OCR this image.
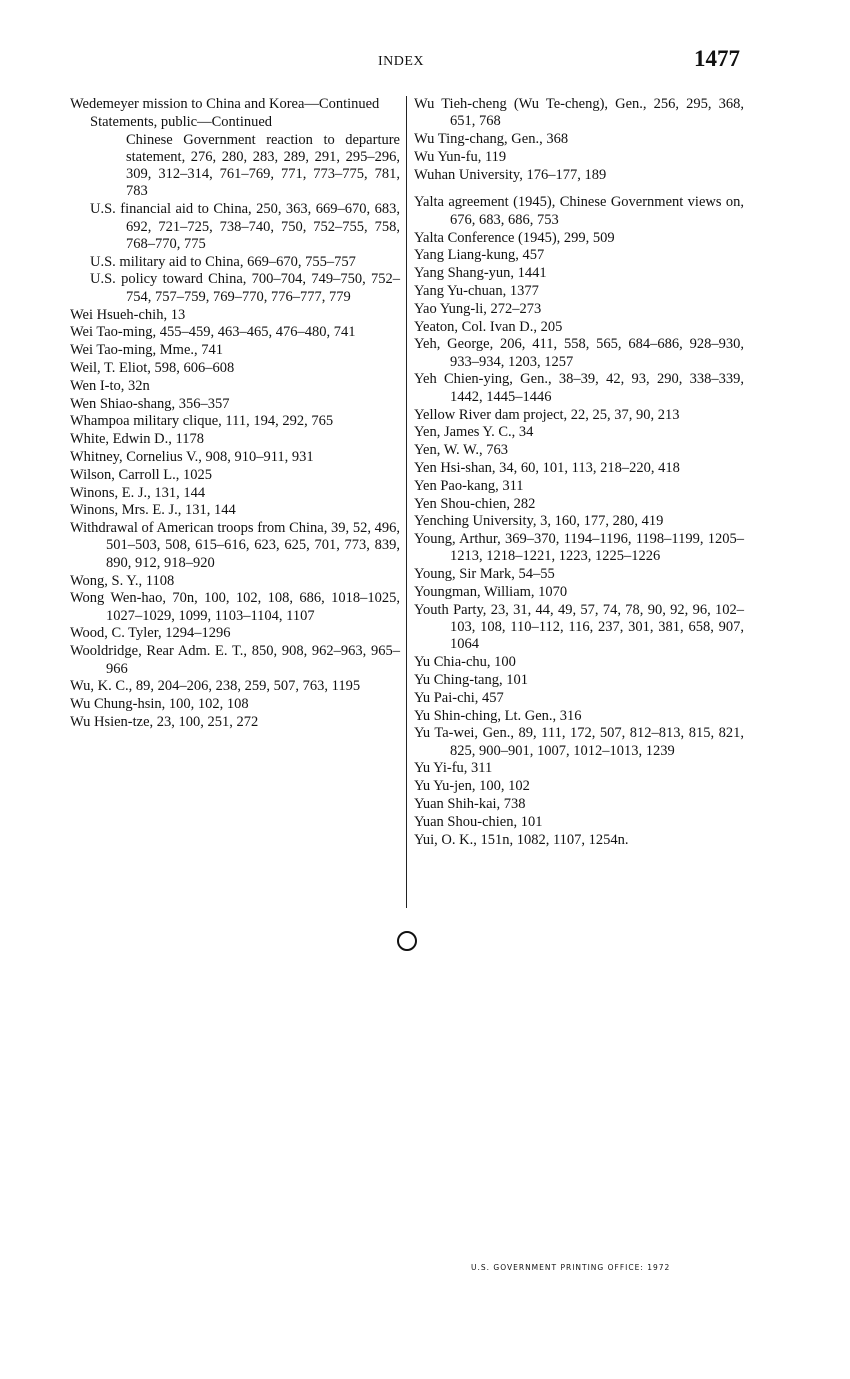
INDEX	1477
Wedemeyer mission to China and Korea—Continued
Statements, public—Continued
Chinese Government reaction to departure statement, 276, 280, 283, 289, 291, 295–296, 309, 312–314, 761–769, 771, 773–775, 781, 783
U.S. financial aid to China, 250, 363, 669–670, 683, 692, 721–725, 738–740, 750, 752–755, 758, 768–770, 775
U.S. military aid to China, 669–670, 755–757
U.S. policy toward China, 700–704, 749–750, 752–754, 757–759, 769–770, 776–777, 779
Wei Hsueh-chih, 13
Wei Tao-ming, 455–459, 463–465, 476–480, 741
Wei Tao-ming, Mme., 741
Weil, T. Eliot, 598, 606–608
Wen I-to, 32n
Wen Shiao-shang, 356–357
Whampoa military clique, 111, 194, 292, 765
White, Edwin D., 1178
Whitney, Cornelius V., 908, 910–911, 931
Wilson, Carroll L., 1025
Winons, E. J., 131, 144
Winons, Mrs. E. J., 131, 144
Withdrawal of American troops from China, 39, 52, 496, 501–503, 508, 615–616, 623, 625, 701, 773, 839, 890, 912, 918–920
Wong, S. Y., 1108
Wong Wen-hao, 70n, 100, 102, 108, 686, 1018–1025, 1027–1029, 1099, 1103–1104, 1107
Wood, C. Tyler, 1294–1296
Wooldridge, Rear Adm. E. T., 850, 908, 962–963, 965–966
Wu, K. C., 89, 204–206, 238, 259, 507, 763, 1195
Wu Chung-hsin, 100, 102, 108
Wu Hsien-tze, 23, 100, 251, 272
Wu Tieh-cheng (Wu Te-cheng), Gen., 256, 295, 368, 651, 768
Wu Ting-chang, Gen., 368
Wu Yun-fu, 119
Wuhan University, 176–177, 189
Yalta agreement (1945), Chinese Government views on, 676, 683, 686, 753
Yalta Conference (1945), 299, 509
Yang Liang-kung, 457
Yang Shang-yun, 1441
Yang Yu-chuan, 1377
Yao Yung-li, 272–273
Yeaton, Col. Ivan D., 205
Yeh, George, 206, 411, 558, 565, 684–686, 928–930, 933–934, 1203, 1257
Yeh Chien-ying, Gen., 38–39, 42, 93, 290, 338–339, 1442, 1445–1446
Yellow River dam project, 22, 25, 37, 90, 213
Yen, James Y. C., 34
Yen, W. W., 763
Yen Hsi-shan, 34, 60, 101, 113, 218–220, 418
Yen Pao-kang, 311
Yen Shou-chien, 282
Yenching University, 3, 160, 177, 280, 419
Young, Arthur, 369–370, 1194–1196, 1198–1199, 1205–1213, 1218–1221, 1223, 1225–1226
Young, Sir Mark, 54–55
Youngman, William, 1070
Youth Party, 23, 31, 44, 49, 57, 74, 78, 90, 92, 96, 102–103, 108, 110–112, 116, 237, 301, 381, 658, 907, 1064
Yu Chia-chu, 100
Yu Ching-tang, 101
Yu Pai-chi, 457
Yu Shin-ching, Lt. Gen., 316
Yu Ta-wei, Gen., 89, 111, 172, 507, 812–813, 815, 821, 825, 900–901, 1007, 1012–1013, 1239
Yu Yi-fu, 311
Yu Yu-jen, 100, 102
Yuan Shih-kai, 738
Yuan Shou-chien, 101
Yui, O. K., 151n, 1082, 1107, 1254n.
U.S. GOVERNMENT PRINTING OFFICE: 1972
